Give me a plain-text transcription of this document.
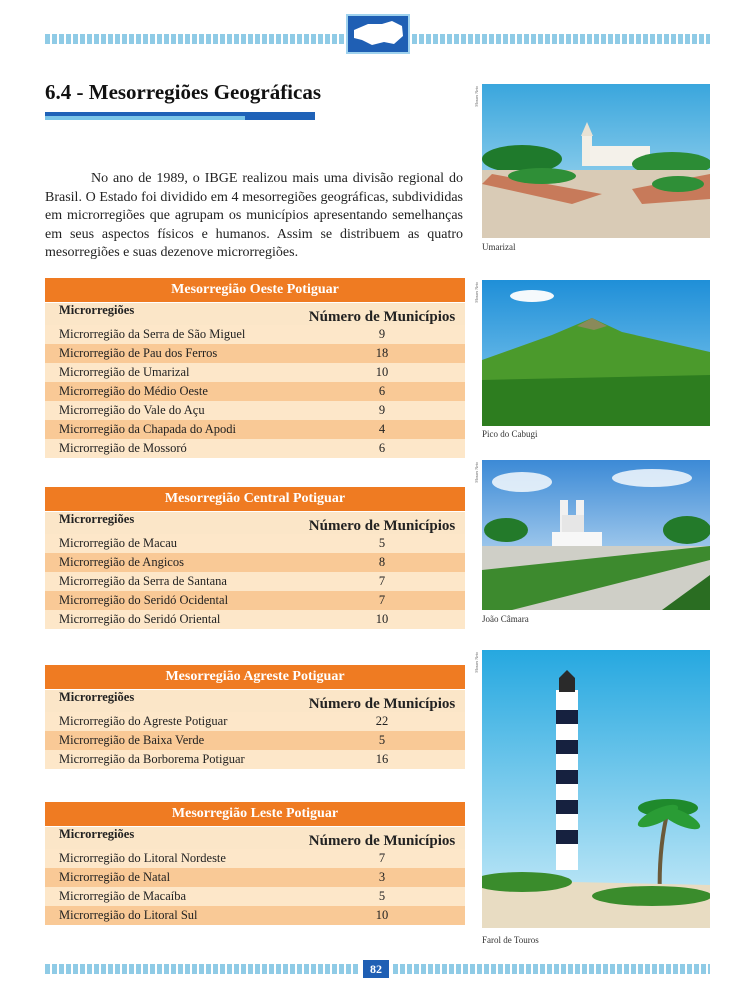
6.4 - Mesorregiões Geográficas
No ano de 1989, o IBGE realizou mais uma divisão regional do Brasil. O Estado foi dividido em 4 mesorregiões geográficas, subdivididas em microrregiões que agrupam os municípios apresentando semelhanças em seus aspectos físicos e humanos. Assim se distribuem as quatro mesorregiões e suas dezenove microrregiões.
Mesorregião Oeste Potiguar
Microrregiões	Número de Municípios
Microrregião da Serra de São Miguel	9
Microrregião de Pau dos Ferros	18
Microrregião de Umarizal	10
Microrregião do Médio Oeste	6
Microrregião do Vale do Açu	9
Microrregião da Chapada do Apodi	4
Microrregião de Mossoró	6
Mesorregião Central Potiguar
Microrregiões	Número de Municípios
Microrregião de Macau	5
Microrregião de Angicos	8
Microrregião da Serra de Santana	7
Microrregião do Seridó Ocidental	7
Microrregião do Seridó Oriental	10
Mesorregião Agreste Potiguar
Microrregiões	Número de Municípios
Microrregião do Agreste Potiguar	22
Microrregião de Baixa Verde	5
Microrregião da Borborema Potiguar	16
Mesorregião Leste Potiguar
Microrregiões	Número de Municípios
Microrregião do Litoral Nordeste	7
Microrregião de Natal	3
Microrregião de Macaíba	5
Microrregião do Litoral Sul	10
Moraes Neto
Umarizal
Moraes Neto
Pico do Cabugi
Moraes Neto
João Câmara
Moraes Neto
Farol de Touros
82
